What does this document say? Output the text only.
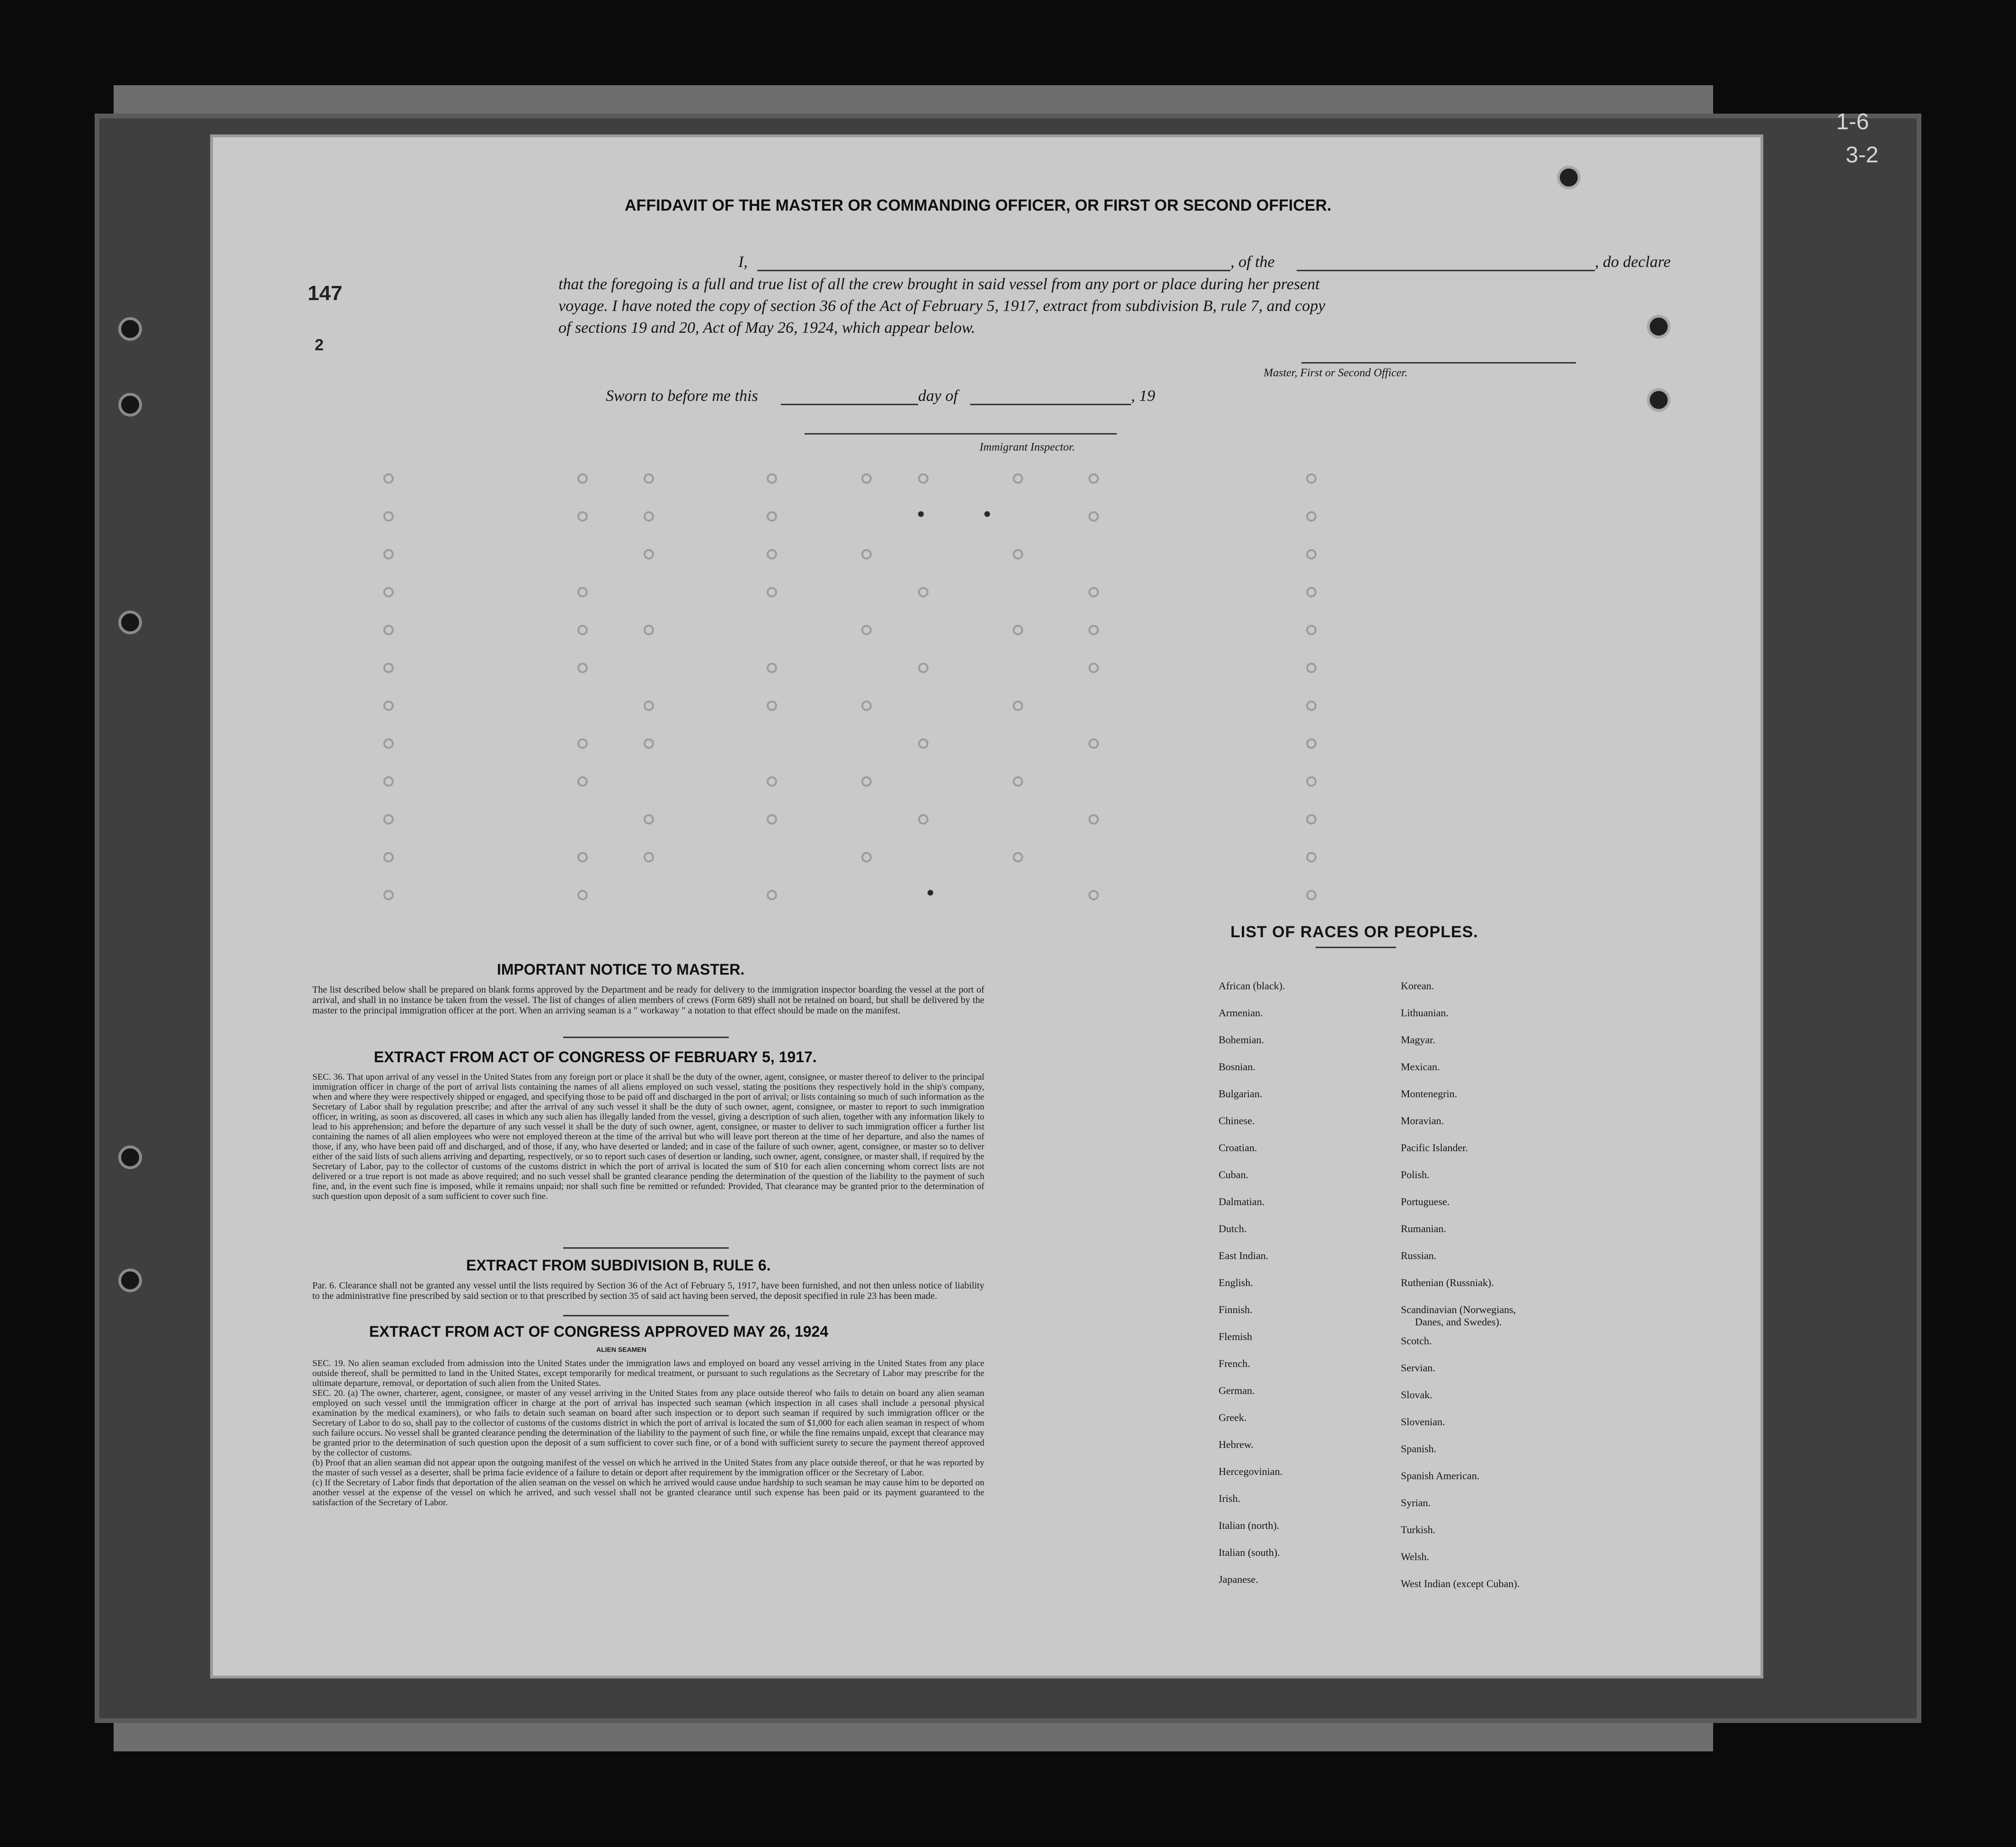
1-6
3-2
147
2
AFFIDAVIT OF THE MASTER OR COMMANDING OFFICER, OR FIRST OR SECOND OFFICER.
I,	, of the	, do declare
that the foregoing is a full and true list of all the crew brought in said vessel from any port or place during her present
voyage. I have noted the copy of section 36 of the Act of February 5, 1917, extract from subdivision B, rule 7, and copy
of sections 19 and 20, Act of May 26, 1924, which appear below.
Master, First or Second Officer.
Sworn to before me this	day of	, 19
Immigrant Inspector.
IMPORTANT NOTICE TO MASTER.

The list described below shall be prepared on blank forms approved by the Department and be ready for delivery to the immigration inspector boarding the vessel at the port of arrival, and shall in no instance be taken from the vessel. The list of changes of alien members of crews (Form 689) shall not be retained on board, but shall be delivered by the master to the principal immigration officer at the port. When an arriving seaman is a " workaway " a notation to that effect should be made on the manifest.

EXTRACT FROM ACT OF CONGRESS OF FEBRUARY 5, 1917.

SEC. 36. That upon arrival of any vessel in the United States from any foreign port or place it shall be the duty of the owner, agent, consignee, or master thereof to deliver to the principal immigration officer in charge of the port of arrival lists containing the names of all aliens employed on such vessel, stating the positions they respectively hold in the ship's company, when and where they were respectively shipped or engaged, and specifying those to be paid off and discharged in the port of arrival; or lists containing so much of such information as the Secretary of Labor shall by regulation prescribe; and after the arrival of any such vessel it shall be the duty of such owner, agent, consignee, or master to report to such immigration officer, in writing, as soon as discovered, all cases in which any such alien has illegally landed from the vessel, giving a description of such alien, together with any information likely to lead to his apprehension; and before the departure of any such vessel it shall be the duty of such owner, agent, consignee, or master to deliver to such immigration officer a further list containing the names of all alien employees who were not employed thereon at the time of the arrival but who will leave port thereon at the time of her departure, and also the names of those, if any, who have been paid off and discharged, and of those, if any, who have deserted or landed; and in case of the failure of such owner, agent, consignee, or master so to deliver either of the said lists of such aliens arriving and departing, respectively, or so to report such cases of desertion or landing, such owner, agent, consignee, or master shall, if required by the Secretary of Labor, pay to the collector of customs of the customs district in which the port of arrival is located the sum of $10 for each alien concerning whom correct lists are not delivered or a true report is not made as above required; and no such vessel shall be granted clearance pending the determination of the question of the liability to the payment of such fine, and, in the event such fine is imposed, while it remains unpaid; nor shall such fine be remitted or refunded: Provided, That clearance may be granted prior to the determination of such question upon deposit of a sum sufficient to cover such fine.

EXTRACT FROM SUBDIVISION B, RULE 6.

Par. 6. Clearance shall not be granted any vessel until the lists required by Section 36 of the Act of February 5, 1917, have been furnished, and not then unless notice of liability to the administrative fine prescribed by said section or to that prescribed by section 35 of said act having been served, the deposit specified in rule 23 has been made.

EXTRACT FROM ACT OF CONGRESS APPROVED MAY 26, 1924
ALIEN SEAMEN

SEC. 19. No alien seaman excluded from admission into the United States under the immigration laws and employed on board any vessel arriving in the United States from any place outside thereof, shall be permitted to land in the United States, except temporarily for medical treatment, or pursuant to such regulations as the Secretary of Labor may prescribe for the ultimate departure, removal, or deportation of such alien from the United States.

SEC. 20. (a) The owner, charterer, agent, consignee, or master of any vessel arriving in the United States from any place outside thereof who fails to detain on board any alien seaman employed on such vessel until the immigration officer in charge at the port of arrival has inspected such seaman (which inspection in all cases shall include a personal physical examination by the medical examiners), or who fails to detain such seaman on board after such inspection or to deport such seaman if required by such immigration officer or the Secretary of Labor to do so, shall pay to the collector of customs of the customs district in which the port of arrival is located the sum of $1,000 for each alien seaman in respect of whom such failure occurs. No vessel shall be granted clearance pending the determination of the liability to the payment of such fine, or while the fine remains unpaid, except that clearance may be granted prior to the determination of such question upon the deposit of a sum sufficient to cover such fine, or of a bond with sufficient surety to secure the payment thereof approved by the collector of customs.

(b) Proof that an alien seaman did not appear upon the outgoing manifest of the vessel on which he arrived in the United States from any place outside thereof, or that he was reported by the master of such vessel as a deserter, shall be prima facie evidence of a failure to detain or deport after requirement by the immigration officer or the Secretary of Labor.

(c) If the Secretary of Labor finds that deportation of the alien seaman on the vessel on which he arrived would cause undue hardship to such seaman he may cause him to be deported on another vessel at the expense of the vessel on which he arrived, and such vessel shall not be granted clearance until such expense has been paid or its payment guaranteed to the satisfaction of the Secretary of Labor.

LIST OF RACES OR PEOPLES.
African (black).
Armenian.
Bohemian.
Bosnian.
Bulgarian.
Chinese.
Croatian.
Cuban.
Dalmatian.
Dutch.
East Indian.
English.
Finnish.
Flemish
French.
German.
Greek.
Hebrew.
Hercegovinian.
Irish.
Italian (north).
Italian (south).
Japanese.
Korean.
Lithuanian.
Magyar.
Mexican.
Montenegrin.
Moravian.
Pacific Islander.
Polish.
Portuguese.
Rumanian.
Russian.
Ruthenian (Russniak).
Scandinavian (Norwegians,
Danes, and Swedes).
Scotch.
Servian.
Slovak.
Slovenian.
Spanish.
Spanish American.
Syrian.
Turkish.
Welsh.
West Indian (except Cuban).
